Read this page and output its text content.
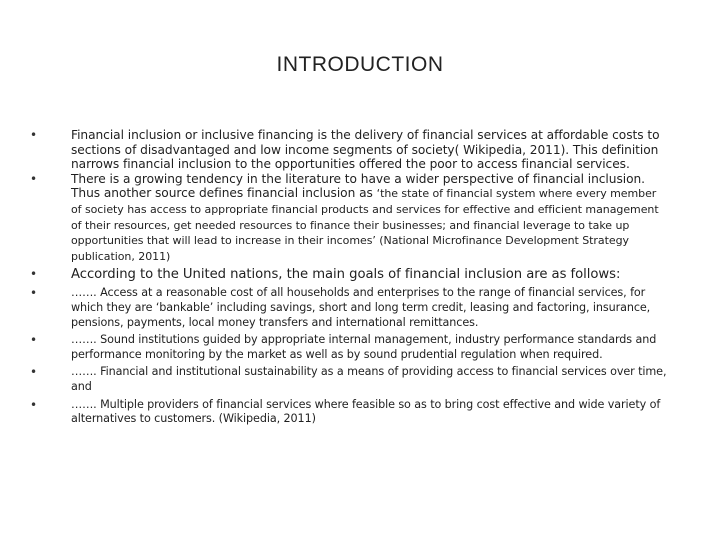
INTRODUCTION
•	Financial inclusion or inclusive financing is the delivery of financial services at affordable costs to sections of disadvantaged and low income segments of society( Wikipedia, 2011). This definition narrows financial inclusion to the opportunities offered the poor to access financial services.
•	There is a growing tendency in the literature to have a wider perspective of financial inclusion. Thus another source defines financial inclusion as ‘the state of financial system where every member of society has access to appropriate financial products and services for effective and efficient management of their resources, get needed resources to finance their businesses; and financial leverage to take up opportunities that will lead to increase in their incomes’ (National Microfinance Development Strategy publication, 2011)
•	According to the United nations, the main goals of financial inclusion are as follows:
•	……. Access at a reasonable cost of all households and enterprises to the range of financial services, for which they are ‘bankable’ including savings, short and long term credit, leasing and factoring, insurance, pensions, payments, local money transfers and international remittances.
•	……. Sound institutions guided by appropriate internal management, industry performance standards and performance monitoring by the market as well as by sound prudential regulation when required.
•	……. Financial and institutional sustainability as a means of providing access to financial services over time, and
•	……. Multiple providers of financial services where feasible so as to bring cost effective and wide variety of alternatives to customers. (Wikipedia, 2011)
